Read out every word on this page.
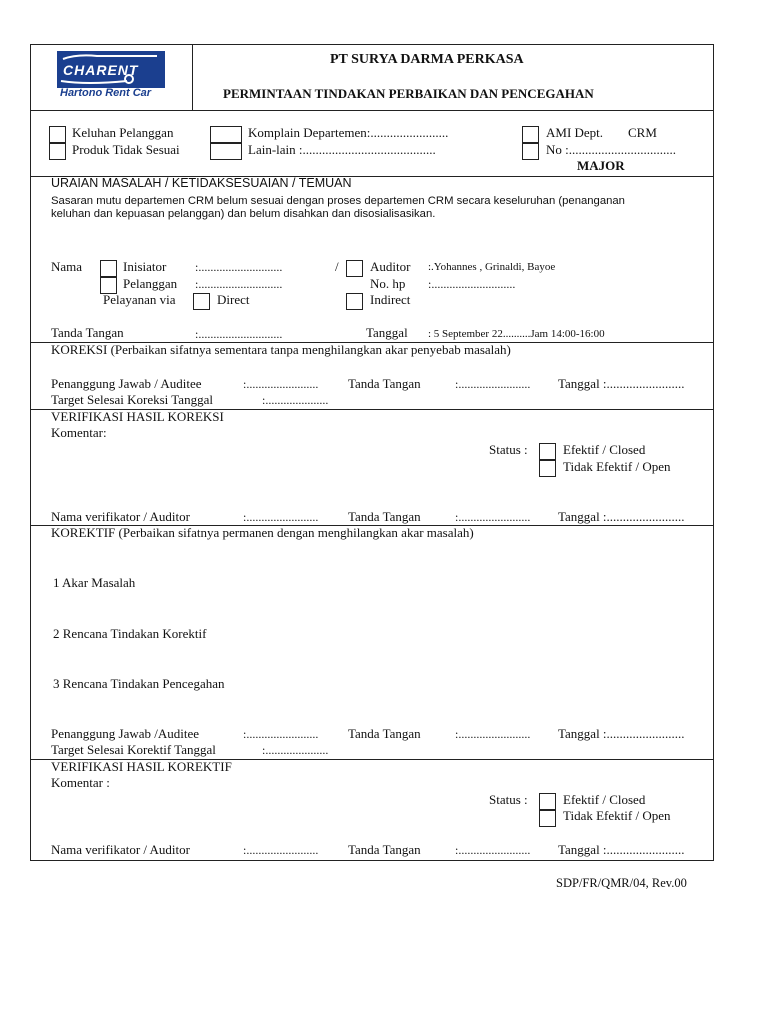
CHARENT
Hartono Rent Car
PT SURYA DARMA PERKASA
PERMINTAAN TINDAKAN PERBAIKAN DAN PENCEGAHAN
Keluhan Pelanggan
Produk Tidak Sesuai
Komplain Departemen:........................
Lain-lain :.........................................
AMI Dept. CRM
No :.................................
MAJOR
URAIAN MASALAH / KETIDAKSESUAIAN / TEMUAN
Sasaran mutu departemen CRM belum sesuai dengan proses departemen CRM secara keseluruhan (penanganan
keluhan dan kepuasan pelanggan) dan belum disahkan dan disosialisasikan.
Nama	Inisiator :............................	/ Auditor :.Yohannes , Grinaldi, Bayoe
Pelanggan :............................	No. hp :............................
Pelayanan via	Direct	Indirect
Tanda Tangan	:............................	Tanggal : 5 September 22..........Jam 14:00-16:00
KOREKSI (Perbaikan sifatnya sementara tanpa menghilangkan akar penyebab masalah)
Penanggung Jawab / Auditee	:........................ Tanda Tangan	:........................ Tanggal :........................
Target Selesai Koreksi Tanggal	:.....................
VERIFIKASI HASIL KOREKSI
Komentar:
Status :	Efektif / Closed
Tidak Efektif / Open
Nama verifikator / Auditor	:........................ Tanda Tangan	:........................ Tanggal :........................
KOREKTIF (Perbaikan sifatnya permanen dengan menghilangkan akar masalah)
1 Akar Masalah
2 Rencana Tindakan Korektif
3 Rencana Tindakan Pencegahan
Penanggung Jawab /Auditee	:........................ Tanda Tangan	:........................ Tanggal :........................
Target Selesai Korektif Tanggal	:.....................
VERIFIKASI HASIL KOREKTIF
Komentar :
Status :	Efektif / Closed
Tidak Efektif / Open
Nama verifikator / Auditor	:........................ Tanda Tangan	:........................ Tanggal :........................
SDP/FR/QMR/04, Rev.00
